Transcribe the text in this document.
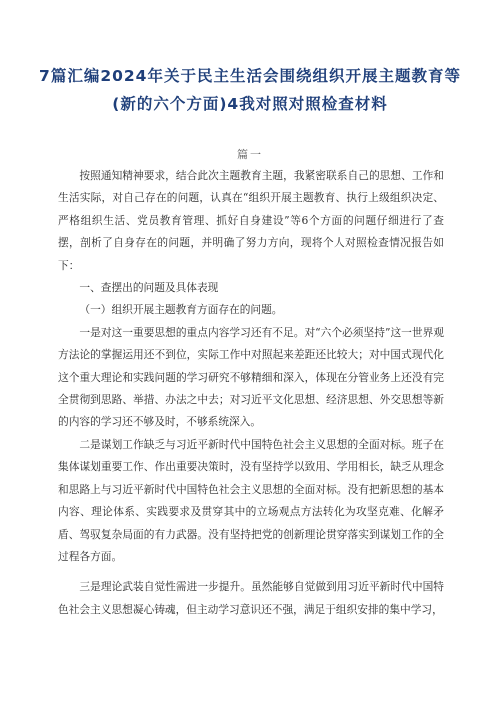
7篇汇编2024年关于民主生活会围绕组织开展主题教育等
(新的六个方面)4我对照对照检查材料
篇一

按照通知精神要求，结合此次主题教育主题，我紧密联系自己的思想、工作和生活实际，对自己存在的问题，认真在“组织开展主题教育、执行上级组织决定、严格组织生活、党员教育管理、抓好自身建设”等6个方面的问题仔细进行了查摆，剖析了自身存在的问题，并明确了努力方向，现将个人对照检查情况报告如下：

一、查摆出的问题及具体表现

（一）组织开展主题教育方面存在的问题。

一是对这一重要思想的重点内容学习还有不足。对“六个必须坚持”这一世界观方法论的掌握运用还不到位，实际工作中对照起来差距还比较大；对中国式现代化这个重大理论和实践问题的学习研究不够精细和深入，体现在分管业务上还没有完全贯彻到思路、举措、办法之中去；对习近平文化思想、经济思想、外交思想等新的内容的学习还不够及时，不够系统深入。

二是谋划工作缺乏与习近平新时代中国特色社会主义思想的全面对标。班子在集体谋划重要工作、作出重要决策时，没有坚持学以致用、学用相长，缺乏从理念和思路上与习近平新时代中国特色社会主义思想的全面对标。没有把新思想的基本内容、理论体系、实践要求及贯穿其中的立场观点方法转化为攻坚克难、化解矛盾、驾驭复杂局面的有力武器。没有坚持把党的创新理论贯穿落实到谋划工作的全过程各方面。

三是理论武装自觉性需进一步提升。虽然能够自觉做到用习近平新时代中国特色社会主义思想凝心铸魂，但主动学习意识还不强，满足于组织安排的集中学习，
